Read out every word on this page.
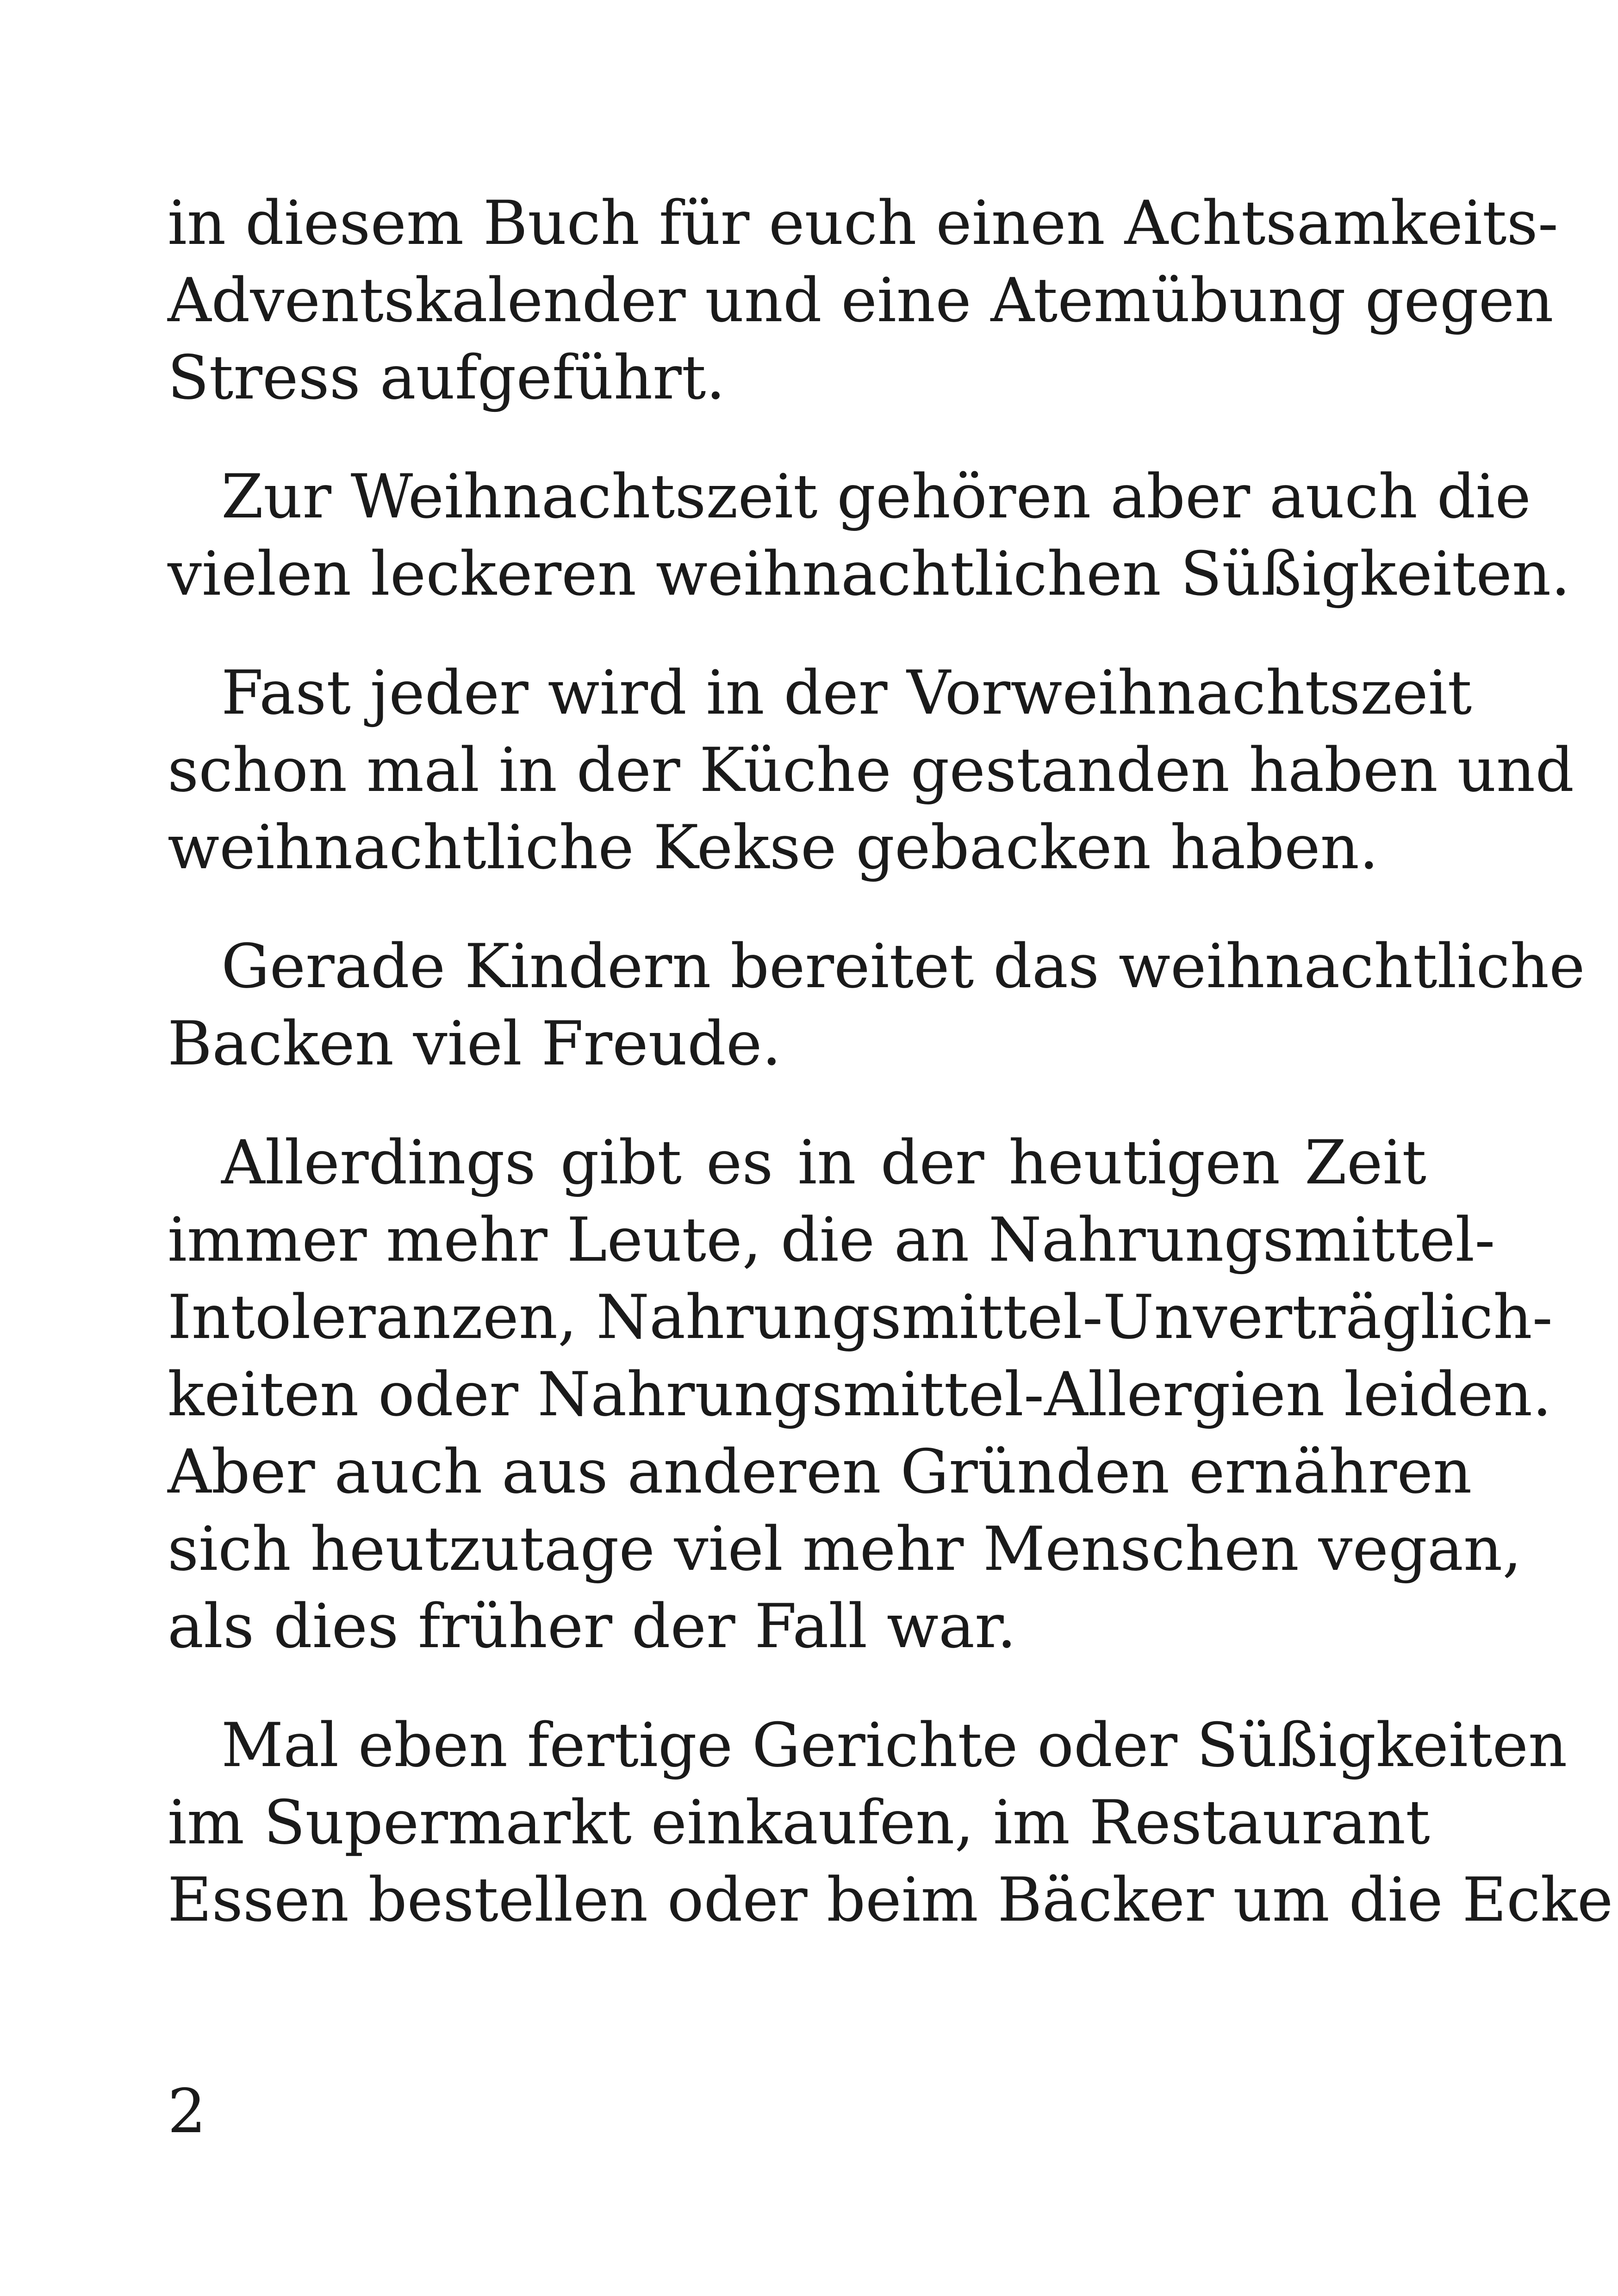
in diesem Buch für euch einen Achtsamkeits-
Adventskalender und eine Atemübung gegen
Stress aufgeführt.

Zur Weihnachtszeit gehören aber auch die
vielen leckeren weihnachtlichen Süßigkeiten.

Fast jeder wird in der Vorweihnachtszeit
schon mal in der Küche gestanden haben und
weihnachtliche Kekse gebacken haben.

Gerade Kindern bereitet das weihnachtliche
Backen viel Freude.

Allerdings gibt es in der heutigen Zeit
immer mehr Leute, die an Nahrungsmittel-
Intoleranzen, Nahrungsmittel-Unverträglich-
keiten oder Nahrungsmittel-Allergien leiden.
Aber auch aus anderen Gründen ernähren
sich heutzutage viel mehr Menschen vegan,
als dies früher der Fall war.

Mal eben fertige Gerichte oder Süßigkeiten
im Supermarkt einkaufen, im Restaurant
Essen bestellen oder beim Bäcker um die Ecke

2
